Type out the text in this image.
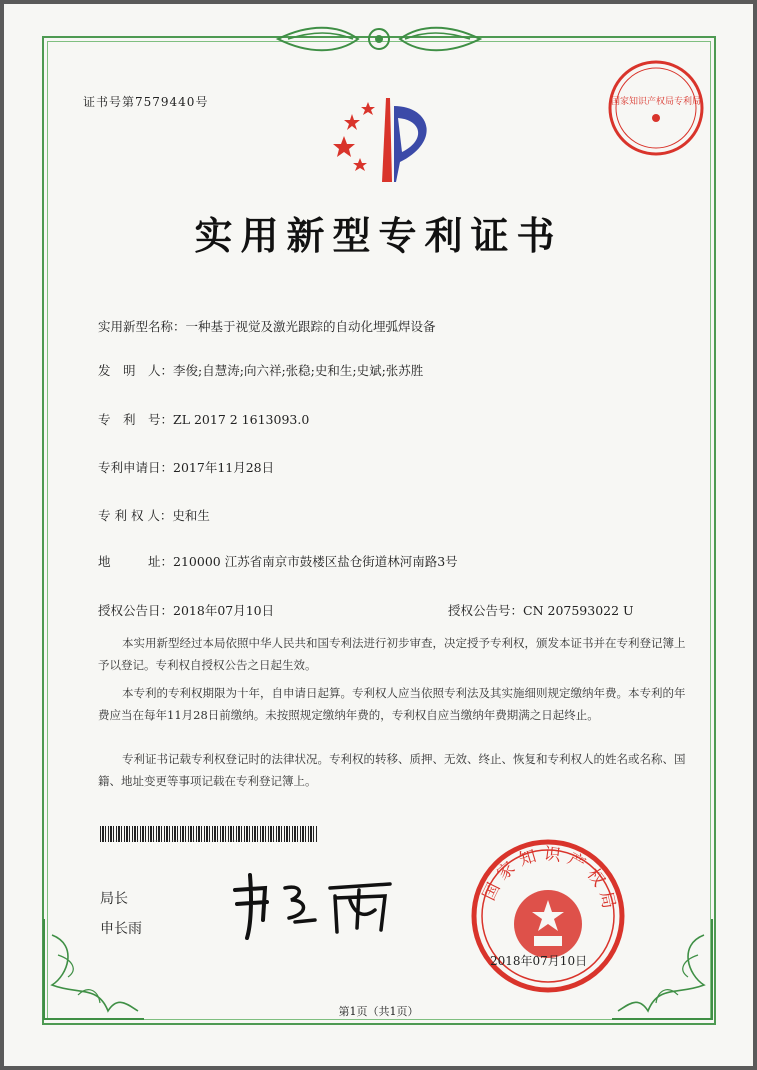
证书号第7579440号	国家知识产权局专利局
实用新型专利证书
实用新型名称：一种基于视觉及激光跟踪的自动化埋弧焊设备
发　明　人：李俊;自慧涛;向六祥;张稳;史和生;史斌;张苏胜
专　利　号：ZL 2017 2 1613093.0
专利申请日：2017年11月28日
专 利 权 人：史和生
地　　　址：210000 江苏省南京市鼓楼区盐仓街道林河南路3号
授权公告日：2018年07月10日	授权公告号：CN 207593022 U
本实用新型经过本局依照中华人民共和国专利法进行初步审查，决定授予专利权，颁发本证书并在专利登记簿上予以登记。专利权自授权公告之日起生效。
本专利的专利权期限为十年，自申请日起算。专利权人应当依照专利法及其实施细则规定缴纳年费。本专利的年费应当在每年11月28日前缴纳。未按照规定缴纳年费的，专利权自应当缴纳年费期满之日起终止。
专利证书记载专利权登记时的法律状况。专利权的转移、质押、无效、终止、恢复和专利权人的姓名或名称、国籍、地址变更等事项记载在专利登记簿上。
局长
申长雨
国家知识产权局
2018年07月10日
第1页（共1页）
